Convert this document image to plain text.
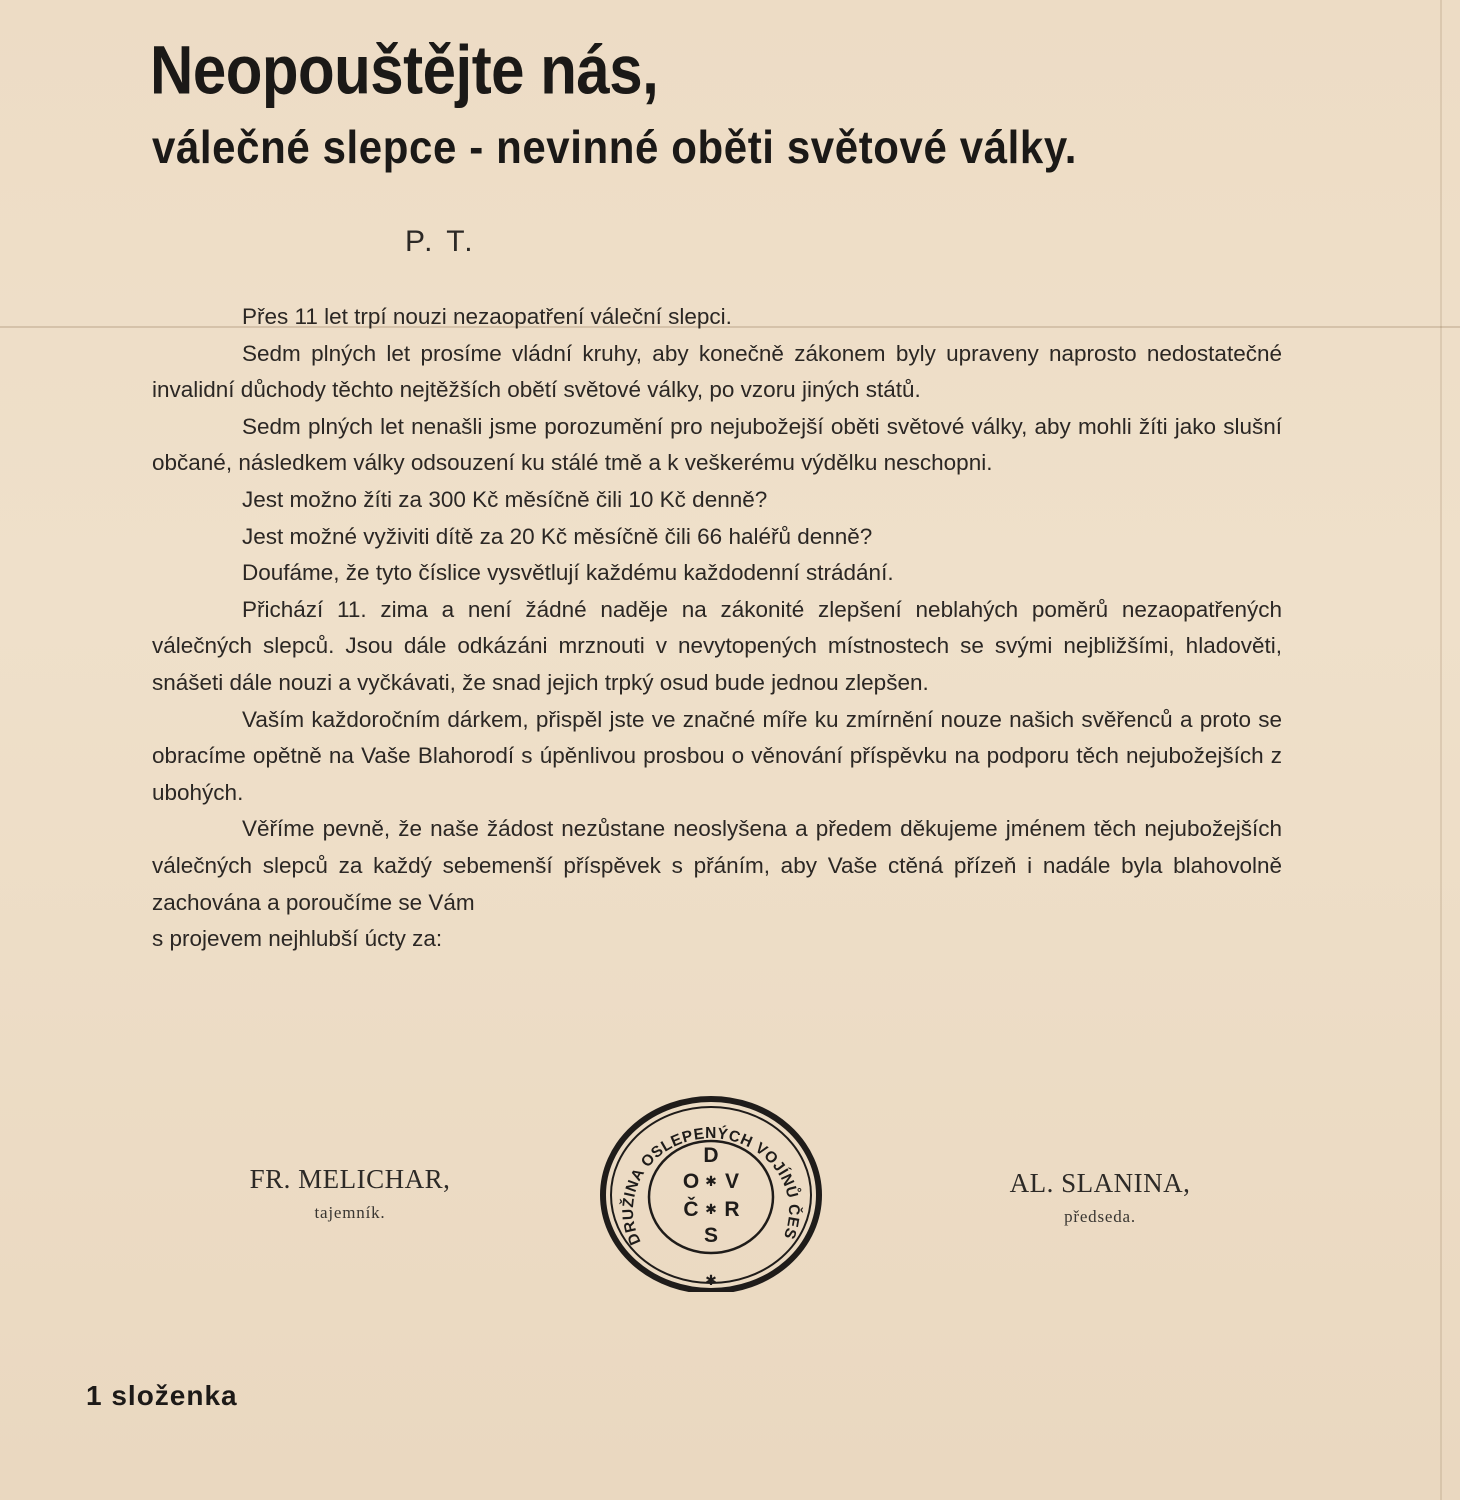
Neopouštějte nás,
válečné slepce - nevinné oběti světové války.
P. T.

Přes 11 let trpí nouzi nezaopatření váleční slepci.

Sedm plných let prosíme vládní kruhy, aby konečně zákonem byly upraveny naprosto nedostatečné invalidní důchody těchto nejtěžších obětí světové války, po vzoru jiných států.

Sedm plných let nenašli jsme porozumění pro nejubožejší oběti světové války, aby mohli žíti jako slušní občané, následkem války odsouzení ku stálé tmě a k veškerému výdělku neschopni.

Jest možno žíti za 300 Kč měsíčně čili 10 Kč denně?

Jest možné vyživiti dítě za 20 Kč měsíčně čili 66 haléřů denně?

Doufáme, že tyto číslice vysvětlují každému každodenní strádání.

Přichází 11. zima a není žádné naděje na zákonité zlepšení neblahých poměrů nezaopatřených válečných slepců. Jsou dále odkázáni mrznouti v nevytopených místnostech se svými nejbližšími, hladověti, snášeti dále nouzi a vyčkávati, že snad jejich trpký osud bude jednou zlepšen.

Vaším každoročním dárkem, přispěl jste ve značné míře ku zmírnění nouze našich svěřenců a proto se obracíme opětně na Vaše Blahorodí s úpěnlivou prosbou o věnování příspěvku na podporu těch nejubožejších z ubohých.

Věříme pevně, že naše žádost nezůstane neoslyšena a předem děkujeme jménem těch nejubožejších válečných slepců za každý sebemenší příspěvek s přáním, aby Vaše ctěná přízeň i nadále byla blahovolně zachována a poroučíme se Vám

s projevem nejhlubší úcty za:

FR. MELICHAR,
tajemník.
DRUŽINA OSLEPENÝCH VOJÍNŮ ČES
D
O ✱ V
Č ✱ R
S
✱
AL. SLANINA,
předseda.
1 složenka
